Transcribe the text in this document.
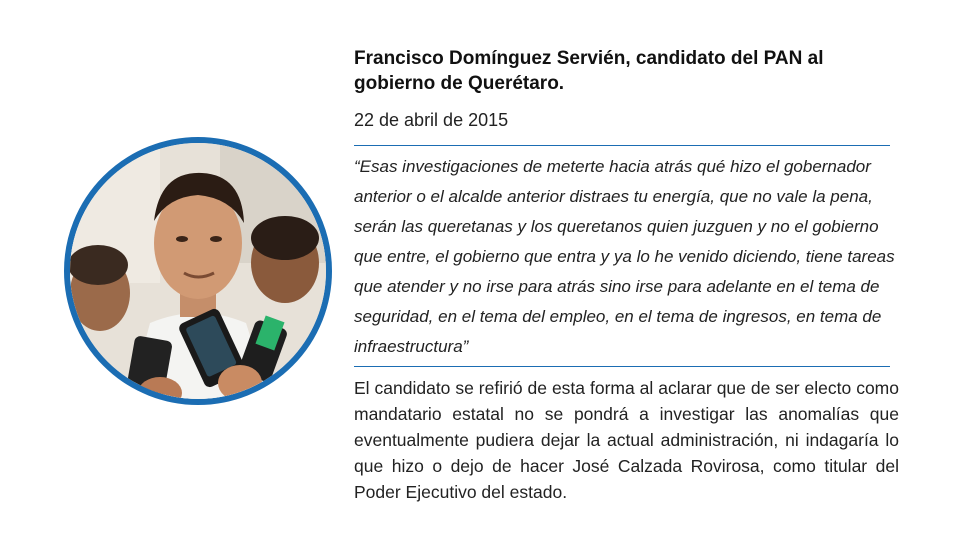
Francisco Domínguez Servién, candidato del PAN al
gobierno de Querétaro.

22 de abril de 2015

“Esas investigaciones de meterte hacia atrás qué hizo el gobernador anterior o el alcalde anterior distraes tu energía, que no vale la pena, serán las queretanas y los queretanos quien juzguen y no el gobierno que entre, el gobierno que entra y ya lo he venido diciendo, tiene tareas que atender y no irse para atrás sino irse para adelante en el tema de seguridad, en el tema del empleo, en el tema de ingresos, en tema de infraestructura”

El candidato se refirió de esta forma al aclarar que de ser electo como mandatario estatal no se pondrá a investigar las anomalías que eventualmente pudiera dejar la actual administración, ni indagaría lo que hizo o dejo de hacer José Calzada Rovirosa, como titular del Poder Ejecutivo del estado.
